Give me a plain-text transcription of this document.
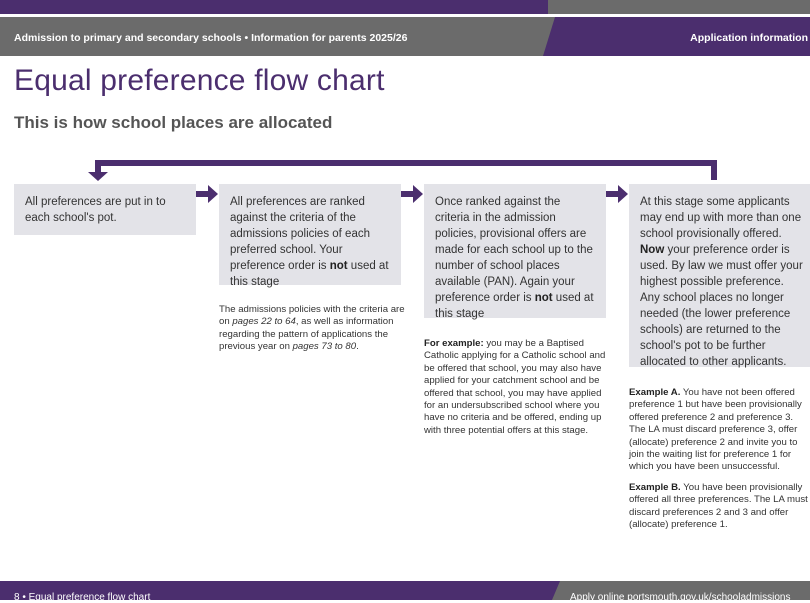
Admission to primary and secondary schools • Information for parents 2025/26	Application information
Equal preference flow chart
This is how school places are allocated
All preferences are put in to each school's pot.
All preferences are ranked against the criteria of the admissions policies of each preferred school. Your preference order is not used at this stage
Once ranked against the criteria in the admission policies, provisional offers are made for each school up to the number of school places available (PAN). Again your preference order is not used at this stage
At this stage some applicants may end up with more than one school provisionally offered. Now your preference order is used. By law we must offer your highest possible preference. Any school places no longer needed (the lower preference schools) are returned to the school's pot to be further allocated to other applicants.
The admissions policies with the criteria are on pages 22 to 64, as well as information regarding the pattern of applications the previous year on pages 73 to 80.	For example: you may be a Baptised Catholic applying for a Catholic school and be offered that school, you may also have applied for your catchment school and be offered that school, you may have applied for an undersubscribed school where you have no criteria and be offered, ending up with three potential offers at this stage.

Example A. You have not been offered preference 1 but have been provisionally offered preference 2 and preference 3. The LA must discard preference 3, offer (allocate) preference 2 and invite you to join the waiting list for preference 1 for which you have been unsuccessful.

Example B. You have been provisionally offered all three preferences. The LA must discard preferences 2 and 3 and offer (allocate) preference 1.

8 • Equal preference flow chart	Apply online portsmouth.gov.uk/schooladmissions
